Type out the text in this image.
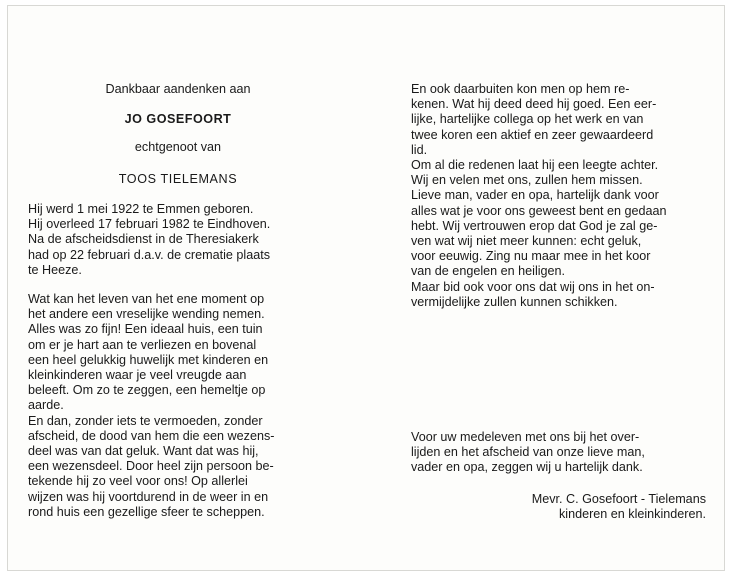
Dankbaar aandenken aan
JO GOSEFOORT
echtgenoot van
TOOS TIELEMANS

Hij werd 1 mei 1922 te Emmen geboren.

Hij overleed 17 februari 1982 te Eindhoven.

Na de afscheidsdienst in de Theresiakerk

had op 22 februari d.a.v. de crematie plaats

te Heeze.

Wat kan het leven van het ene moment op

het andere een vreselijke wending nemen.

Alles was zo fijn! Een ideaal huis, een tuin

om er je hart aan te verliezen en bovenal

een heel gelukkig huwelijk met kinderen en

kleinkinderen waar je veel vreugde aan

beleeft. Om zo te zeggen, een hemeltje op

aarde.

En dan, zonder iets te vermoeden, zonder

afscheid, de dood van hem die een wezens-

deel was van dat geluk. Want dat was hij,

een wezensdeel. Door heel zijn persoon be-

tekende hij zo veel voor ons! Op allerlei

wijzen was hij voortdurend in de weer in en

rond huis een gezellige sfeer te scheppen.

En ook daarbuiten kon men op hem re-

kenen. Wat hij deed deed hij goed. Een eer-

lijke, hartelijke collega op het werk en van

twee koren een aktief en zeer gewaardeerd

lid.

Om al die redenen laat hij een leegte achter.

Wij en velen met ons, zullen hem missen.

Lieve man, vader en opa, hartelijk dank voor

alles wat je voor ons geweest bent en gedaan

hebt. Wij vertrouwen erop dat God je zal ge-

ven wat wij niet meer kunnen: echt geluk,

voor eeuwig. Zing nu maar mee in het koor

van de engelen en heiligen.

Maar bid ook voor ons dat wij ons in het on-

vermijdelijke zullen kunnen schikken.

Voor uw medeleven met ons bij het over-

lijden en het afscheid van onze lieve man,

vader en opa, zeggen wij u hartelijk dank.

Mevr. C. Gosefoort - Tielemans
kinderen en kleinkinderen.
